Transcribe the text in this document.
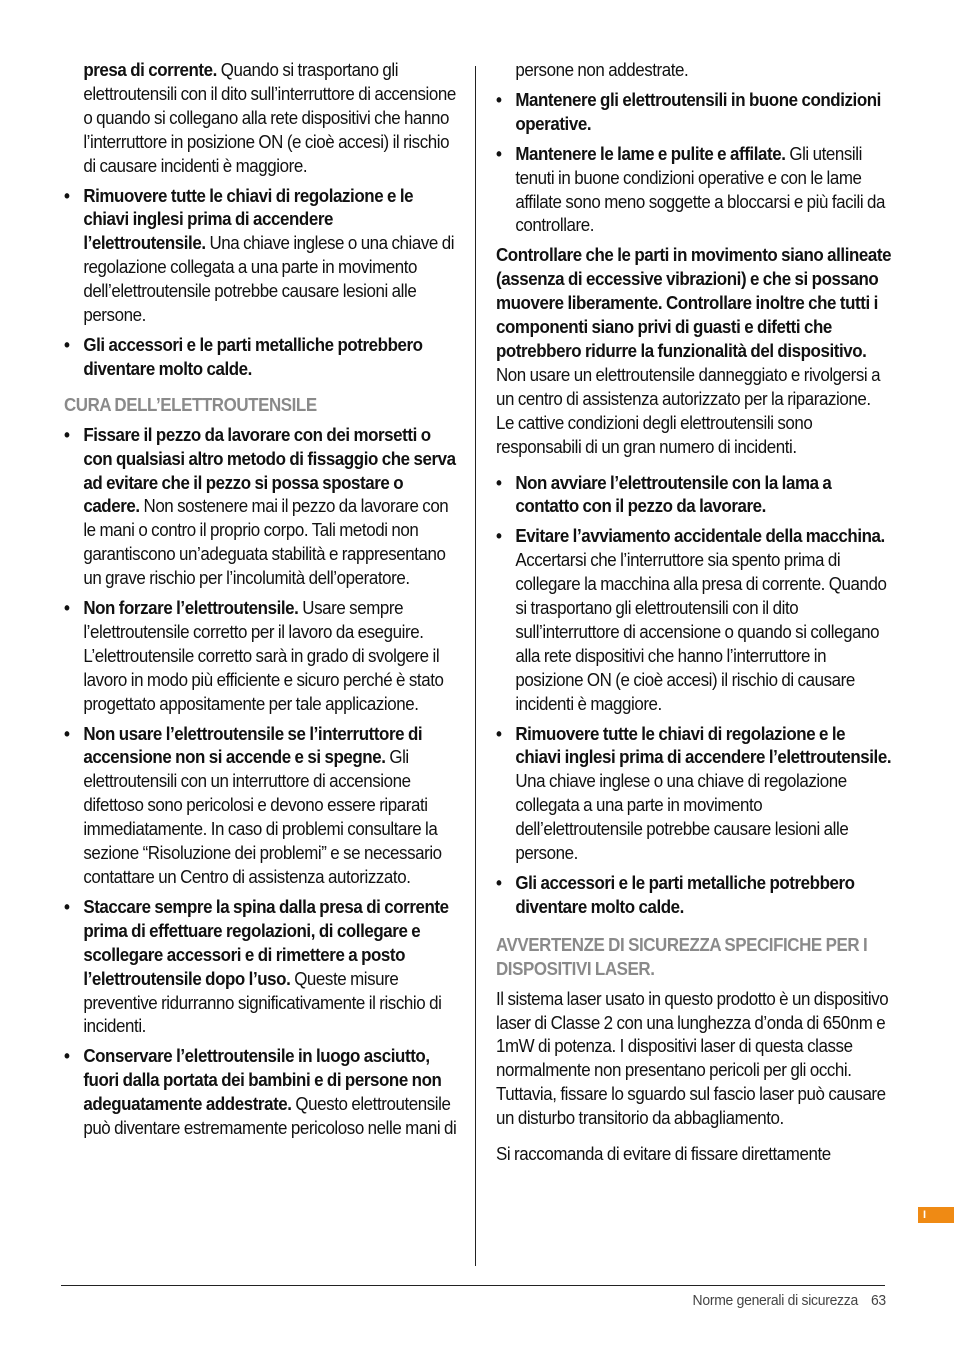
presa di corrente. Quando si trasportano gli elettroutensili con il dito sull’interruttore di accensione o quando si collegano alla rete dispositivi che hanno l’interruttore in posizione ON (e cioè accesi) il rischio di causare incidenti è maggiore.

• Rimuovere tutte le chiavi di regolazione e le chiavi inglesi prima di accendere l’elettroutensile. Una chiave inglese o una chiave di regolazione collegata a una parte in movimento dell’elettroutensile potrebbe causare lesioni alle persone.
• Gli accessori e le parti metalliche potrebbero diventare molto calde.
CURA DELL’ELETTROUTENSILE
• Fissare il pezzo da lavorare con dei morsetti o con qualsiasi altro metodo di fissaggio che serva ad evitare che il pezzo si possa spostare o cadere. Non sostenere mai il pezzo da lavorare con le mani o contro il proprio corpo. Tali metodi non garantiscono un’adeguata stabilità e rappresentano un grave rischio per l’incolumità dell’operatore.
• Non forzare l’elettroutensile. Usare sempre l’elettroutensile corretto per il lavoro da eseguire. L’elettroutensile corretto sarà in grado di svolgere il lavoro in modo più efficiente e sicuro perché è stato progettato appositamente per tale applicazione.
• Non usare l’elettroutensile se l’interruttore di accensione non si accende e si spegne. Gli elettroutensili con un interruttore di accensione difettoso sono pericolosi e devono essere riparati immediatamente. In caso di problemi consultare la sezione “Risoluzione dei problemi” e se necessario contattare un Centro di assistenza autorizzato.
• Staccare sempre la spina dalla presa di corrente prima di effettuare regolazioni, di collegare e scollegare accessori e di rimettere a posto l’elettroutensile dopo l’uso. Queste misure preventive ridurranno significativamente il rischio di incidenti.
• Conservare l’elettroutensile in luogo asciutto, fuori dalla portata dei bambini e di persone non adeguatamente addestrate. Questo elettroutensile può diventare estremamente pericoloso nelle mani di

persone non addestrate.

• Mantenere gli elettroutensili in buone condizioni operative.
• Mantenere le lame e pulite e affilate. Gli utensili tenuti in buone condizioni operative e con le lame affilate sono meno soggette a bloccarsi e più facili da controllare.

Controllare che le parti in movimento siano allineate (assenza di eccessive vibrazioni) e che si possano muovere liberamente. Controllare inoltre che tutti i componenti siano privi di guasti e difetti che potrebbero ridurre la funzionalità del dispositivo. Non usare un elettroutensile danneggiato e rivolgersi a un centro di assistenza autorizzato per la riparazione. Le cattive condizioni degli elettroutensili sono responsabili di un gran numero di incidenti.

• Non avviare l’elettroutensile con la lama a contatto con il pezzo da lavorare.
• Evitare l’avviamento accidentale della macchina. Accertarsi che l’interruttore sia spento prima di collegare la macchina alla presa di corrente. Quando si trasportano gli elettroutensili con il dito sull’interruttore di accensione o quando si collegano alla rete dispositivi che hanno l’interruttore in posizione ON (e cioè accesi) il rischio di causare incidenti è maggiore.
• Rimuovere tutte le chiavi di regolazione e le chiavi inglesi prima di accendere l’elettroutensile. Una chiave inglese o una chiave di regolazione collegata a una parte in movimento dell’elettroutensile potrebbe causare lesioni alle persone.
• Gli accessori e le parti metalliche potrebbero diventare molto calde.
AVVERTENZE DI SICUREZZA SPECIFICHE PER I DISPOSITIVI LASER.

Il sistema laser usato in questo prodotto è un dispositivo laser di Classe 2 con una lunghezza d’onda di 650nm e 1mW di potenza. I dispositivi laser di questa classe normalmente non presentano pericoli per gli occhi. Tuttavia, fissare lo sguardo sul fascio laser può causare un disturbo transitorio da abbagliamento.

Si raccomanda di evitare di fissare direttamente

I
Norme generali di sicurezza 63
